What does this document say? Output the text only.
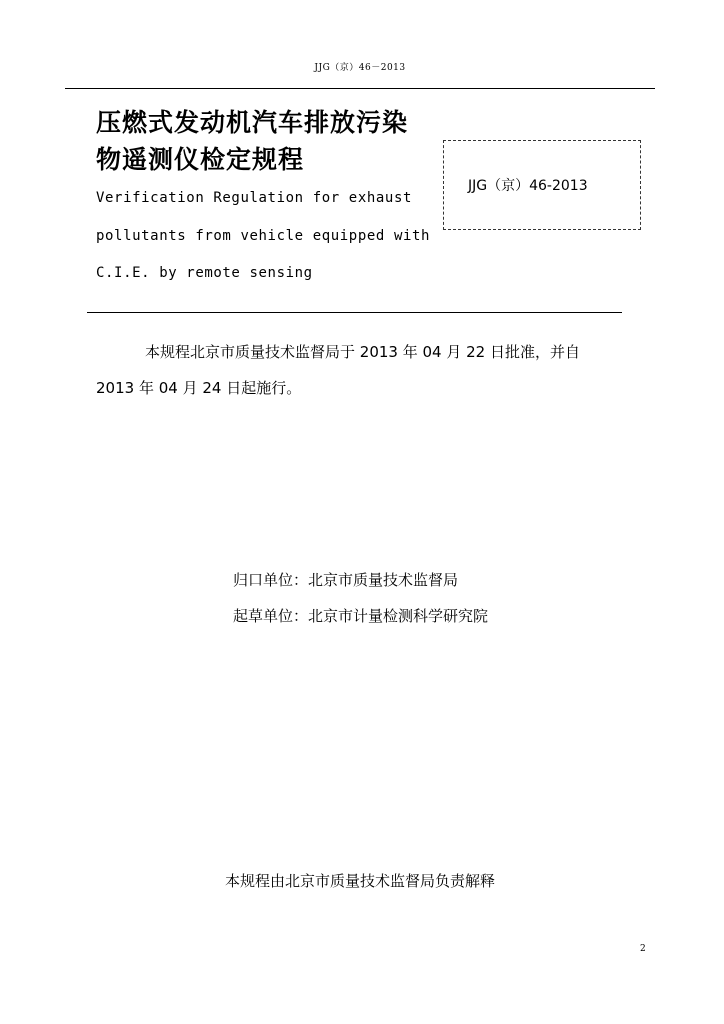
JJG（京）46－2013
压燃式发动机汽车排放污染
物遥测仪检定规程
Verification Regulation for exhaust
pollutants from vehicle equipped with
C.I.E. by remote sensing
JJG（京）46-2013
本规程北京市质量技术监督局于 2013 年 04 月 22 日批准，并自
2013 年 04 月 24 日起施行。
归口单位：北京市质量技术监督局
起草单位：北京市计量检测科学研究院
本规程由北京市质量技术监督局负责解释
2
